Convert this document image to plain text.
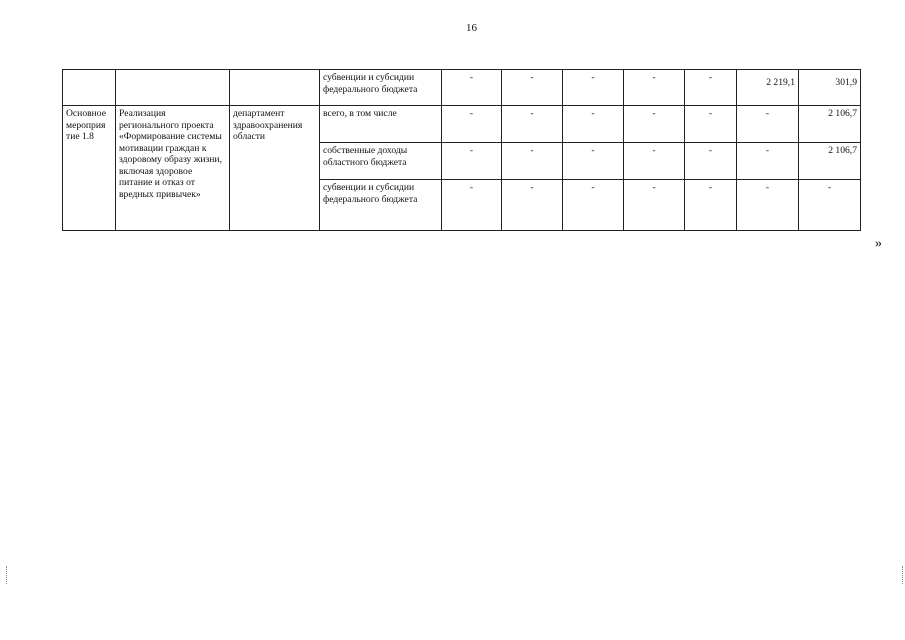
16
			субвенции и субсидии федерального бюджета	-	-	-	-	-	2 219,1	301,9
Основное мероприя тие 1.8	Реализация регионального проекта «Формирование системы мотивации граждан к здоровому образу жизни, включая здоровое питание и отказ от вредных привычек»	департамент здравоохранения области	всего, в том числе	-	-	-	-	-	-	2 106,7
			собственные доходы областного бюджета	-	-	-	-	-	-	2 106,7
			субвенции и субсидии федерального бюджета	-	-	-	-	-	-	-
»
